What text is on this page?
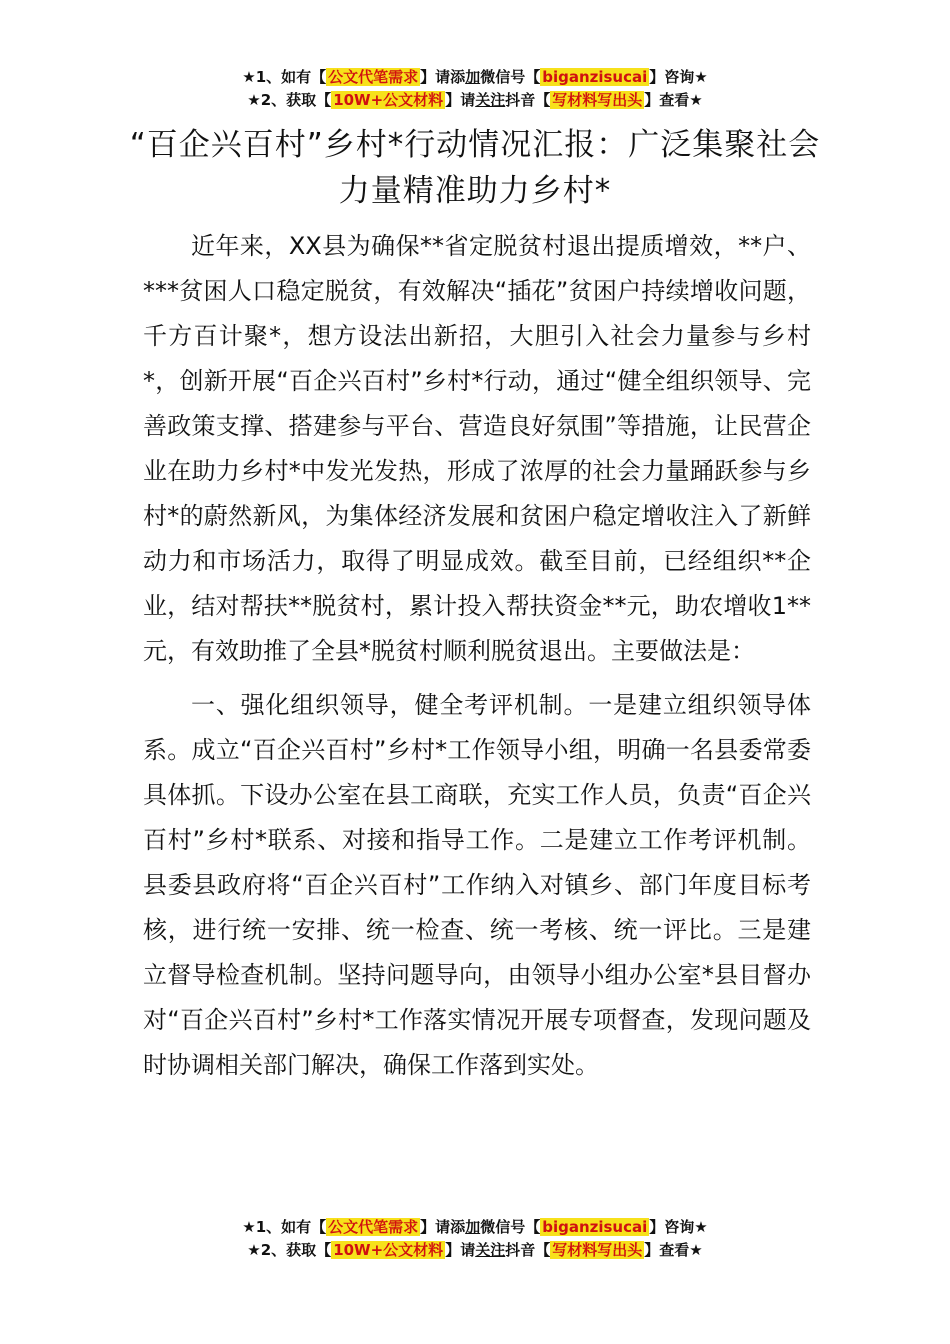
★1、如有【 公文代笔需求 】请添加微信号【 biganzisucai 】咨询★
★2、获取【 10W+公文材料 】请关注抖音【 写材料写出头 】查看★
“百企兴百村”乡村*行动情况汇报：广泛集聚社会力量精准助力乡村*

近年来，XX县为确保**省定脱贫村退出提质增效，**户、***贫困人口稳定脱贫，有效解决“插花”贫困户持续增收问题，千方百计聚*，想方设法出新招，大胆引入社会力量参与乡村*，创新开展“百企兴百村”乡村*行动，通过“健全组织领导、完善政策支撑、搭建参与平台、营造良好氛围”等措施，让民营企业在助力乡村*中发光发热，形成了浓厚的社会力量踊跃参与乡村*的蔚然新风，为集体经济发展和贫困户稳定增收注入了新鲜动力和市场活力，取得了明显成效。截至目前，已经组织**企业，结对帮扶**脱贫村，累计投入帮扶资金**元，助农增收1**元，有效助推了全县*脱贫村顺利脱贫退出。主要做法是：

一、强化组织领导，健全考评机制。一是建立组织领导体系。成立“百企兴百村”乡村*工作领导小组，明确一名县委常委具体抓。下设办公室在县工商联，充实工作人员，负责“百企兴百村”乡村*联系、对接和指导工作。二是建立工作考评机制。县委县政府将“百企兴百村”工作纳入对镇乡、部门年度目标考核，进行统一安排、统一检查、统一考核、统一评比。三是建立督导检查机制。坚持问题导向，由领导小组办公室*县目督办对“百企兴百村”乡村*工作落实情况开展专项督查，发现问题及时协调相关部门解决，确保工作落到实处。

★1、如有【 公文代笔需求 】请添加微信号【 biganzisucai 】咨询★
★2、获取【 10W+公文材料 】请关注抖音【 写材料写出头 】查看★
